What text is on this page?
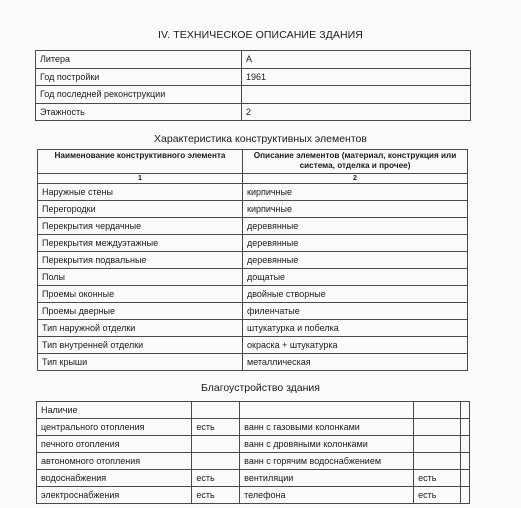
IV. ТЕХНИЧЕСКОЕ ОПИСАНИЕ ЗДАНИЯ
Литера	А
Год постройки	1961
Год последней реконструкции	
Этажность	2
Характеристика конструктивных элементов
Наименование конструктивного элемента	Описание элементов (материал, конструкция или система, отделка и прочее)
1	2
Наружные стены	кирпичные
Перегородки	кирпичные
Перекрытия чердачные	деревянные
Перекрытия междуэтажные	деревянные
Перекрытия подвальные	деревянные
Полы	дощатые
Проемы оконные	двойные створные
Проемы дверные	филенчатые
Тип наружной отделки	штукатурка и побелка
Тип внутренней отделки	окраска + штукатурка
Тип крыши	металлическая
Благоустройство здания
Наличие				
центрального отопления	есть	ванн с газовыми колонками		
печного отопления		ванн с дровяными колонками		
автономного отопления		ванн с горячим водоснабжением		
водоснабжения	есть	вентиляции	есть	
электроснабжения	есть	телефона	есть	
